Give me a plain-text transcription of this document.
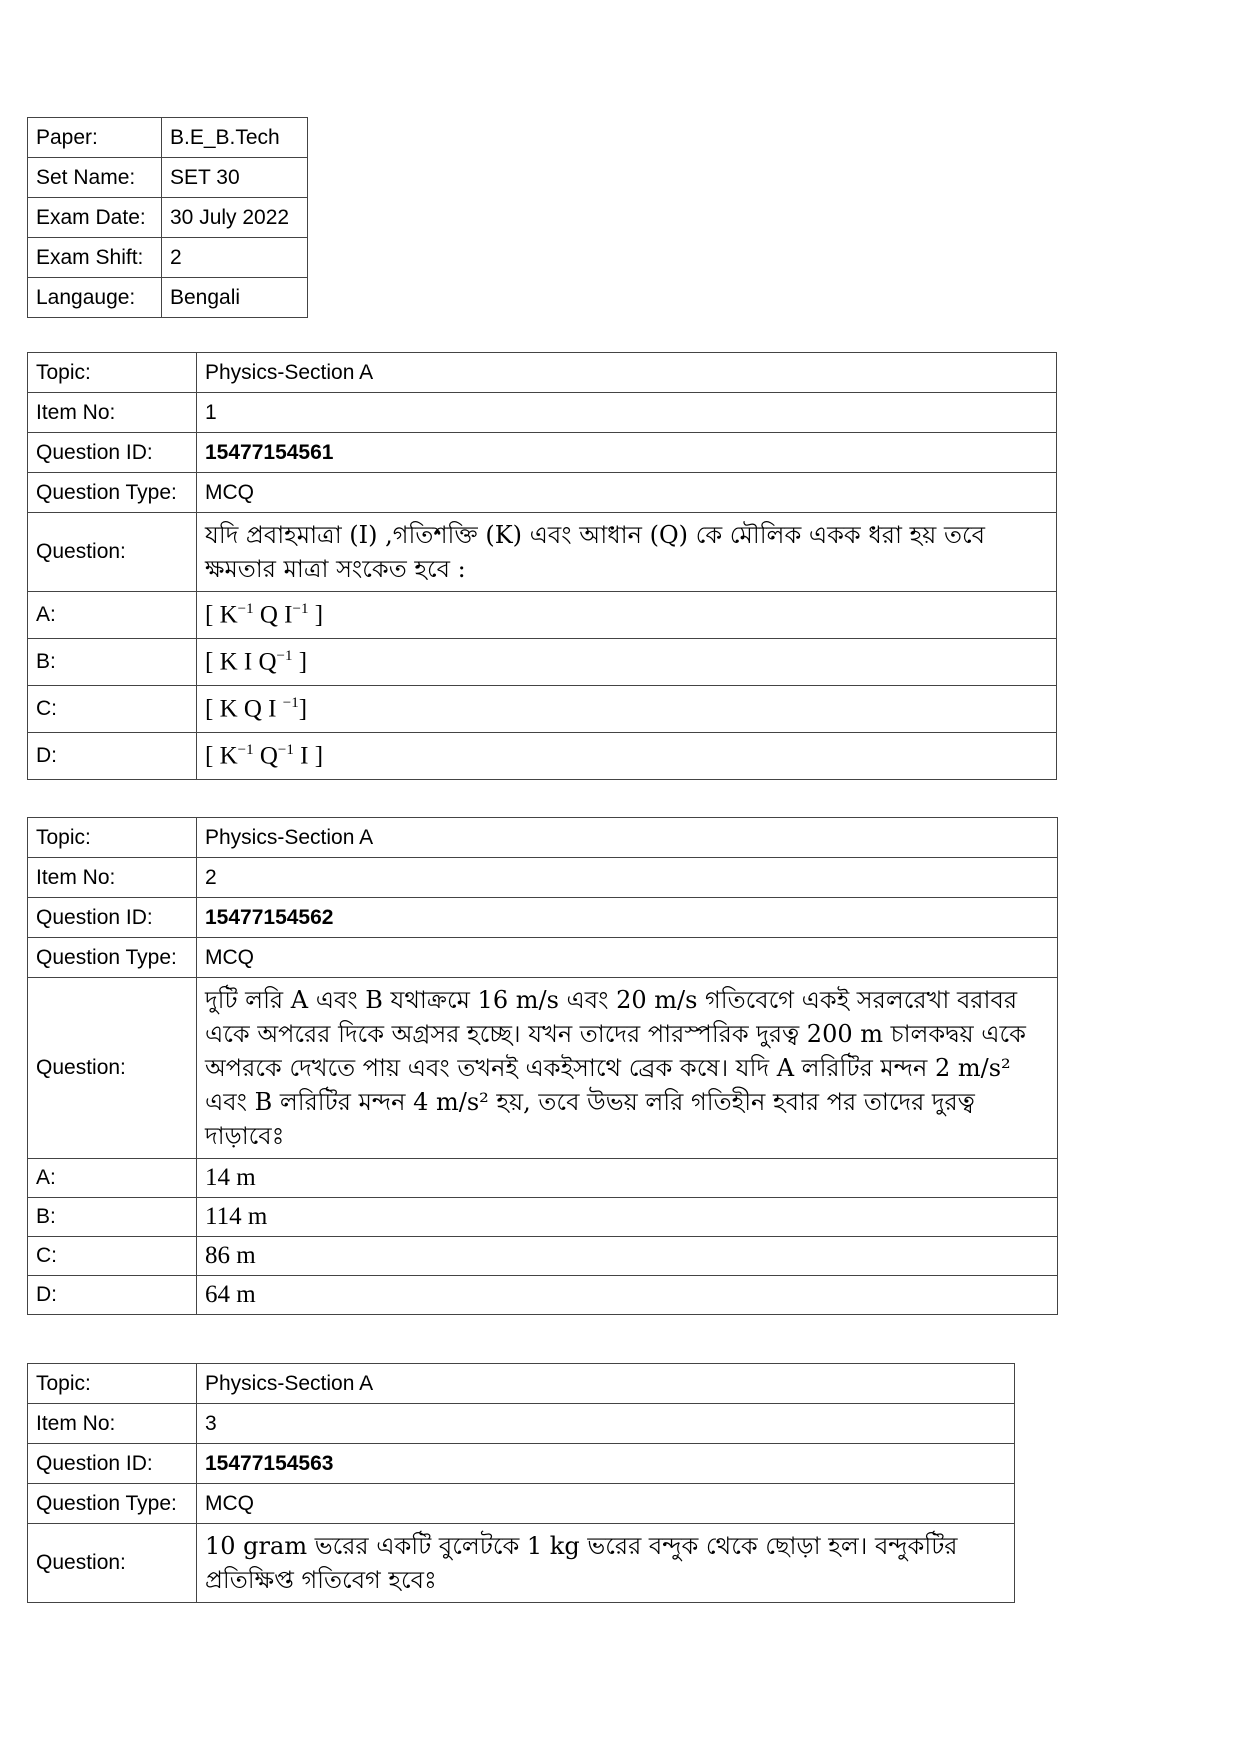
Paper:	B.E_B.Tech
Set Name:	SET 30
Exam Date:	30 July 2022
Exam Shift:	2
Langauge:	Bengali
Topic:	Physics-Section A
Item No:	1
Question ID:	15477154561
Question Type:	MCQ
Question:	যদি প্রবাহমাত্রা (I) ,গতিশক্তি (K) এবং আধান (Q) কে মৌলিক একক ধরা হয় তবে ক্ষমতার মাত্রা সংকেত হবে :
A:	[ $K^{-1}$ Q $I^{-1}$ ]
B:	[ K I $Q^{-1}$ ]
C:	[ K Q I $^{-1}$]
D:	[ $K^{-1}$ $Q^{-1}$ I ]
Topic:	Physics-Section A
Item No:	2
Question ID:	15477154562
Question Type:	MCQ
Question:	দুটি লরি A এবং B যথাক্রমে 16 m/s এবং 20 m/s গতিবেগে একই সরলরেখা বরাবর একে অপরের দিকে অগ্রসর হচ্ছে। যখন তাদের পারস্পরিক দুরত্ব 200 m চালকদ্বয় একে অপরকে দেখতে পায় এবং তখনই একইসাথে ব্রেক কষে। যদি A লরিটির মন্দন 2 m/s² এবং B লরিটির মন্দন 4 m/s² হয়, তবে উভয় লরি গতিহীন হবার পর তাদের দুরত্ব দাড়াবেঃ
A:	14 m
B:	114 m
C:	86 m
D:	64 m
Topic:	Physics-Section A
Item No:	3
Question ID:	15477154563
Question Type:	MCQ
Question:	10 gram ভরের একটি বুলেটকে 1 kg ভরের বন্দুক থেকে ছোড়া হল। বন্দুকটির প্রতিক্ষিপ্ত গতিবেগ হবেঃ
